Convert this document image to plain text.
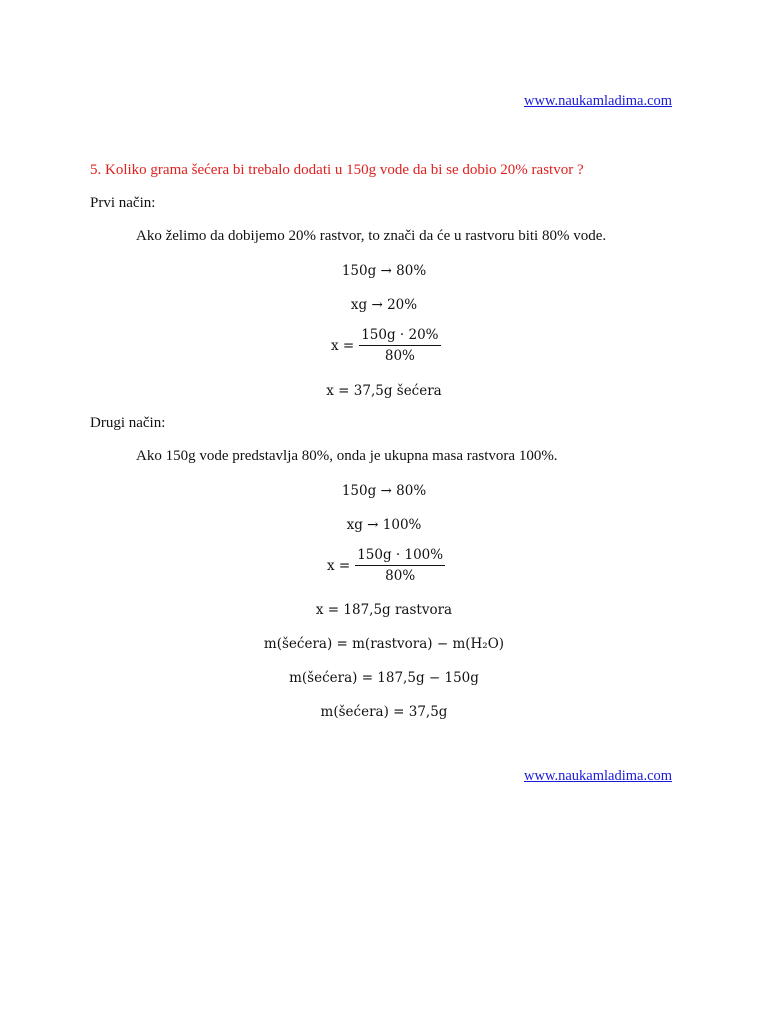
www.naukamladima.com
5. Koliko grama šećera bi trebalo dodati u 150g vode da bi se dobio 20% rastvor ?
Prvi način:
Ako želimo da dobijemo 20% rastvor, to znači da će u rastvoru biti 80% vode.
150g → 80%
xg → 20%
$x = \frac{150g \cdot 20\%}{80\%}$
x = 37,5g šećera
Drugi način:
Ako 150g vode predstavlja 80%, onda je ukupna masa rastvora 100%.
150g → 80%
xg → 100%
$x = \frac{150g \cdot 100\%}{80\%}$
x = 187,5g rastvora
m(šećera) = m(rastvora) − m(H₂O)
m(šećera) = 187,5g − 150g
m(šećera) = 37,5g
www.naukamladima.com
